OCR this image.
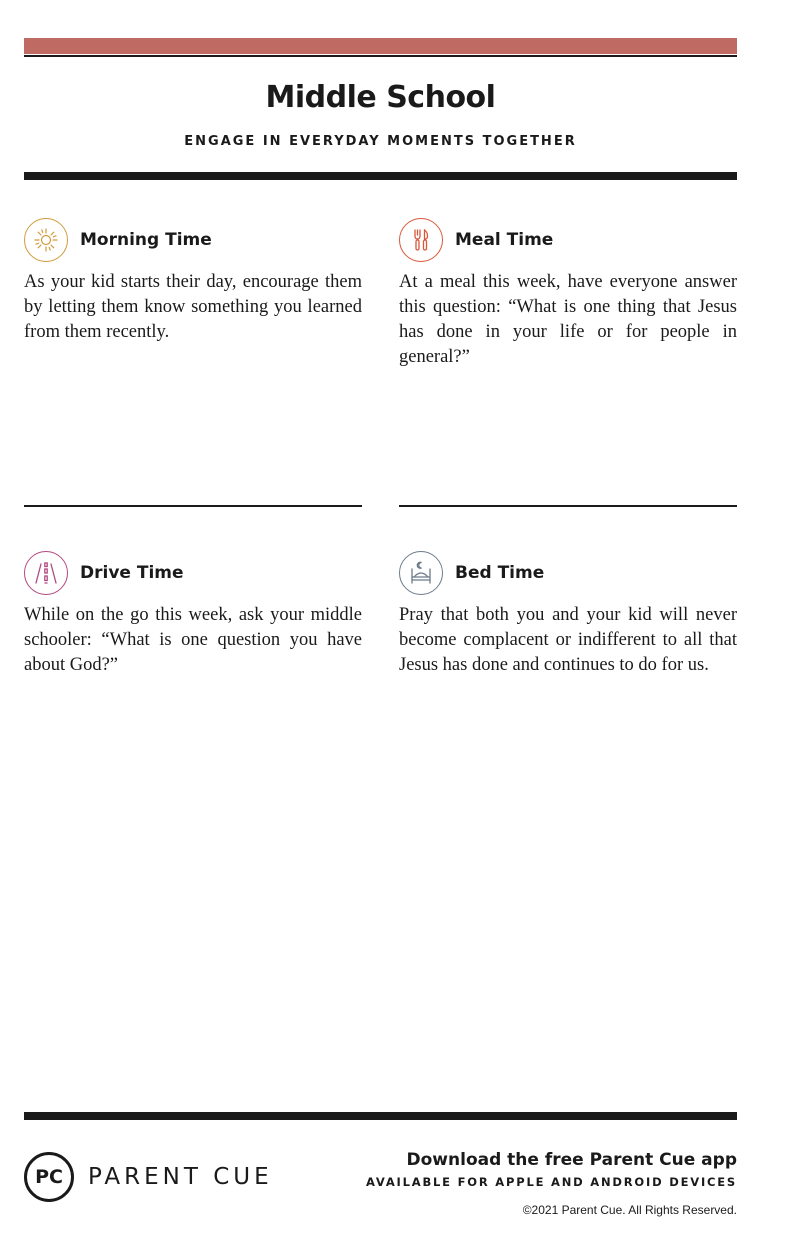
Middle School
ENGAGE IN EVERYDAY MOMENTS TOGETHER
Morning Time
As your kid starts their day, encourage them by letting them know something you learned from them recently.
Meal Time
At a meal this week, have everyone answer this question: “What is one thing that Jesus has done in your life or for people in general?”
Drive Time
While on the go this week, ask your middle schooler: “What is one question you have about God?”
Bed Time
Pray that both you and your kid will never become complacent or indifferent to all that Jesus has done and continues to do for us.
PC	PARENT CUE
Download the free Parent Cue app
AVAILABLE FOR APPLE AND ANDROID DEVICES
©2021 Parent Cue. All Rights Reserved.
